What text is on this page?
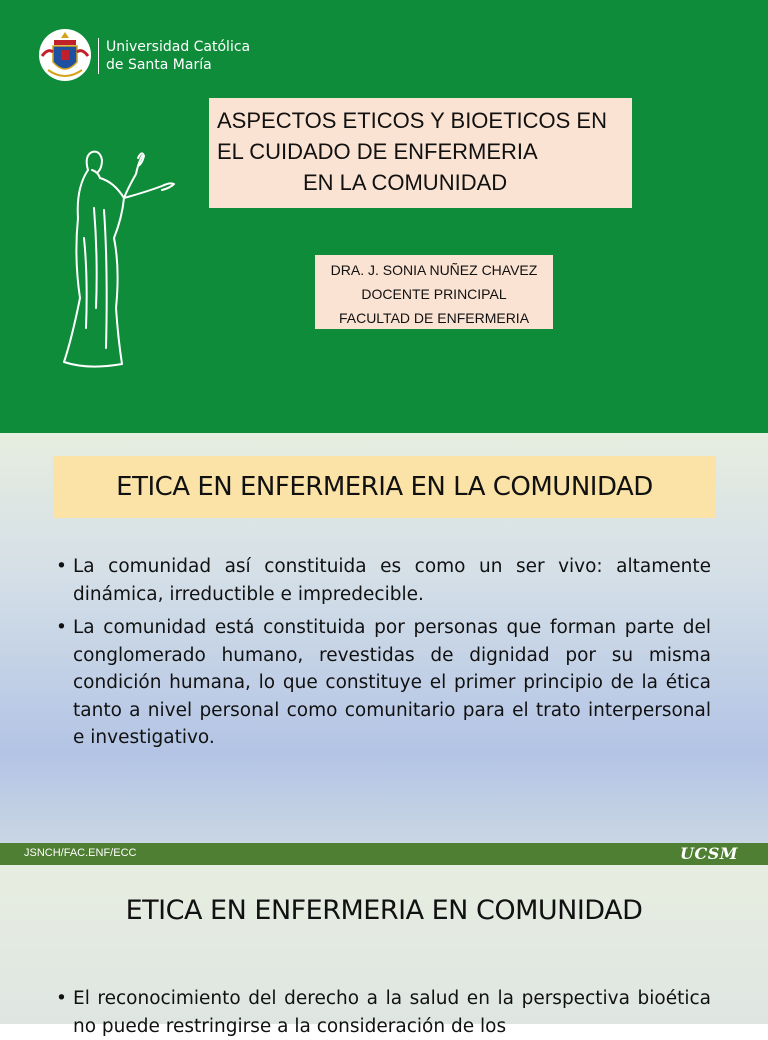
Universidad Católica
de Santa María
ASPECTOS ETICOS Y BIOETICOS EN
EL CUIDADO DE ENFERMERIA
EN LA COMUNIDAD
DRA. J. SONIA NUÑEZ CHAVEZ
DOCENTE PRINCIPAL
FACULTAD DE ENFERMERIA
ETICA EN ENFERMERIA EN LA COMUNIDAD
• La comunidad así constituida es como un ser vivo: altamente dinámica, irreductible e impredecible.
• La comunidad está constituida por personas que forman parte del conglomerado humano, revestidas de dignidad por su misma condición humana, lo que constituye el primer principio de la ética tanto a nivel personal como comunitario para el trato interpersonal e investigativo.
JSNCH/FAC.ENF/ECC	UCSM
ETICA EN ENFERMERIA EN COMUNIDAD
• El reconocimiento del derecho a la salud en la perspectiva bioética no puede restringirse a la consideración de los
